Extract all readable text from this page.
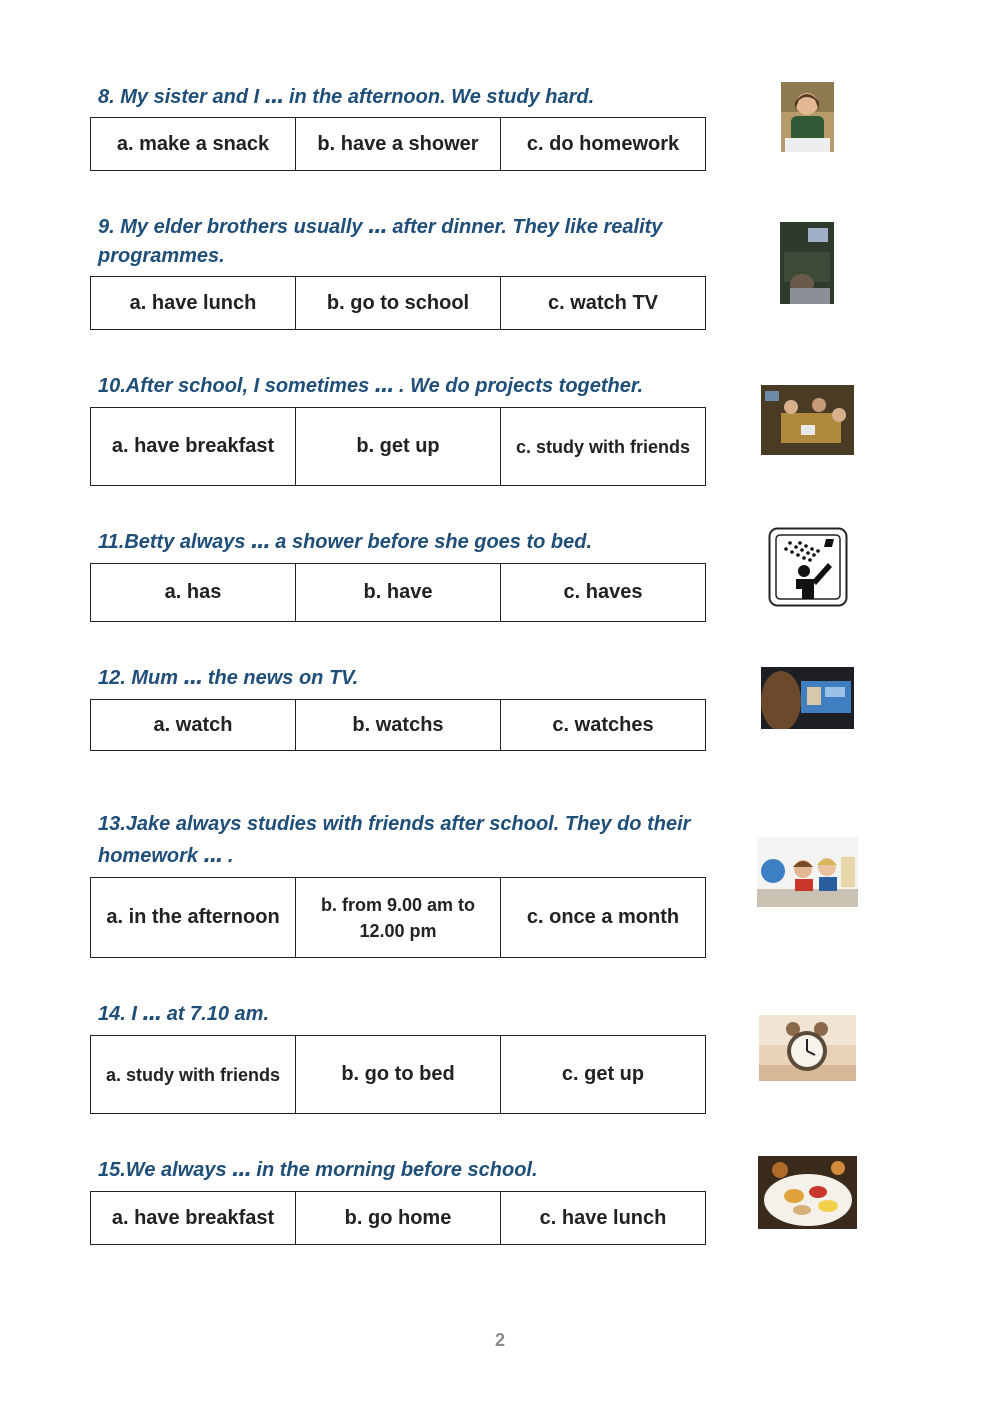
8. My sister and I ... in the afternoon. We study hard.
a. make a snack	b. have a shower	c. do homework
9. My elder brothers usually ... after dinner. They like reality programmes.
a. have lunch	b. go to school	c. watch TV
10.After school, I sometimes ... . We do projects together.
a. have breakfast	b. get up	c. study with friends
11.Betty always ... a shower before she goes to bed.
a. has	b. have	c. haves
12. Mum ... the news on TV.
a. watch	b. watchs	c. watches
13.Jake always studies with friends after school. They do their homework ... .
a. in the afternoon	b. from 9.00 am to 12.00 pm	c. once a month
14. I ... at 7.10 am.
a. study with friends	b. go to bed	c. get up
15.We always ... in the morning before school.
a. have breakfast	b. go home	c. have lunch
2
